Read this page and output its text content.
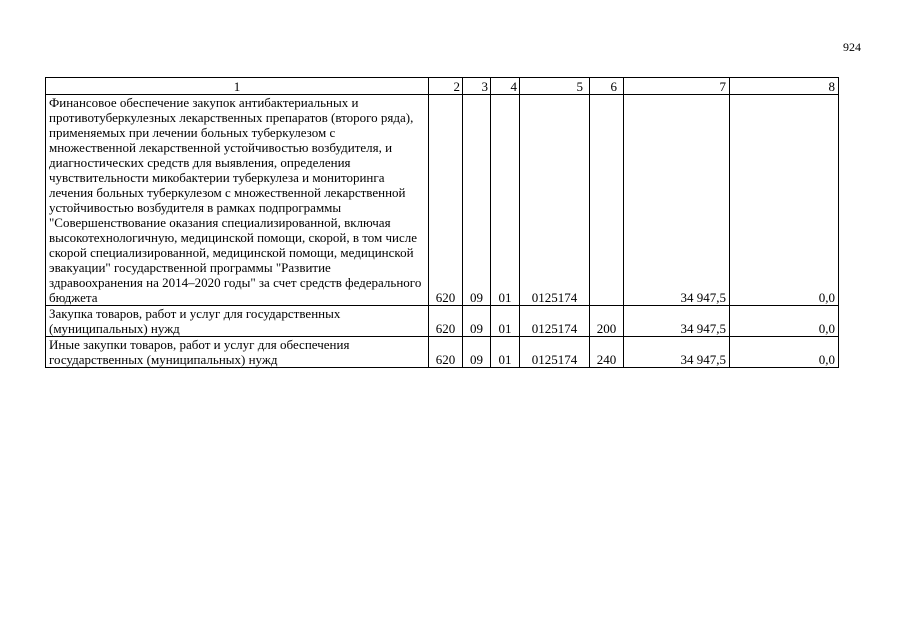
924
1	2	3	4	5	6	7	8
Финансовое обеспечение закупок антибактериальных и противотуберкулезных лекарственных препаратов (второго ряда), применяемых при лечении больных туберкулезом с множественной лекарственной устойчивостью возбудителя, и диагностических средств для выявления, определения чувствительности микобактерии туберкулеза и мониторинга лечения больных туберкулезом с множественной лекарственной устойчивостью возбудителя в рамках подпрограммы "Совершенствование оказания специализированной, включая высокотехнологичную, медицинской помощи, скорой, в том числе скорой специализированной, медицинской помощи, медицинской эвакуации" государственной программы "Развитие здравоохранения на 2014–2020 годы" за счет средств федерального бюджета	620	09	01	0125174		34 947,5	0,0
Закупка товаров, работ и услуг для государственных (муниципальных) нужд	620	09	01	0125174	200	34 947,5	0,0
Иные закупки товаров, работ и услуг для обеспечения государственных (муниципальных) нужд	620	09	01	0125174	240	34 947,5	0,0
